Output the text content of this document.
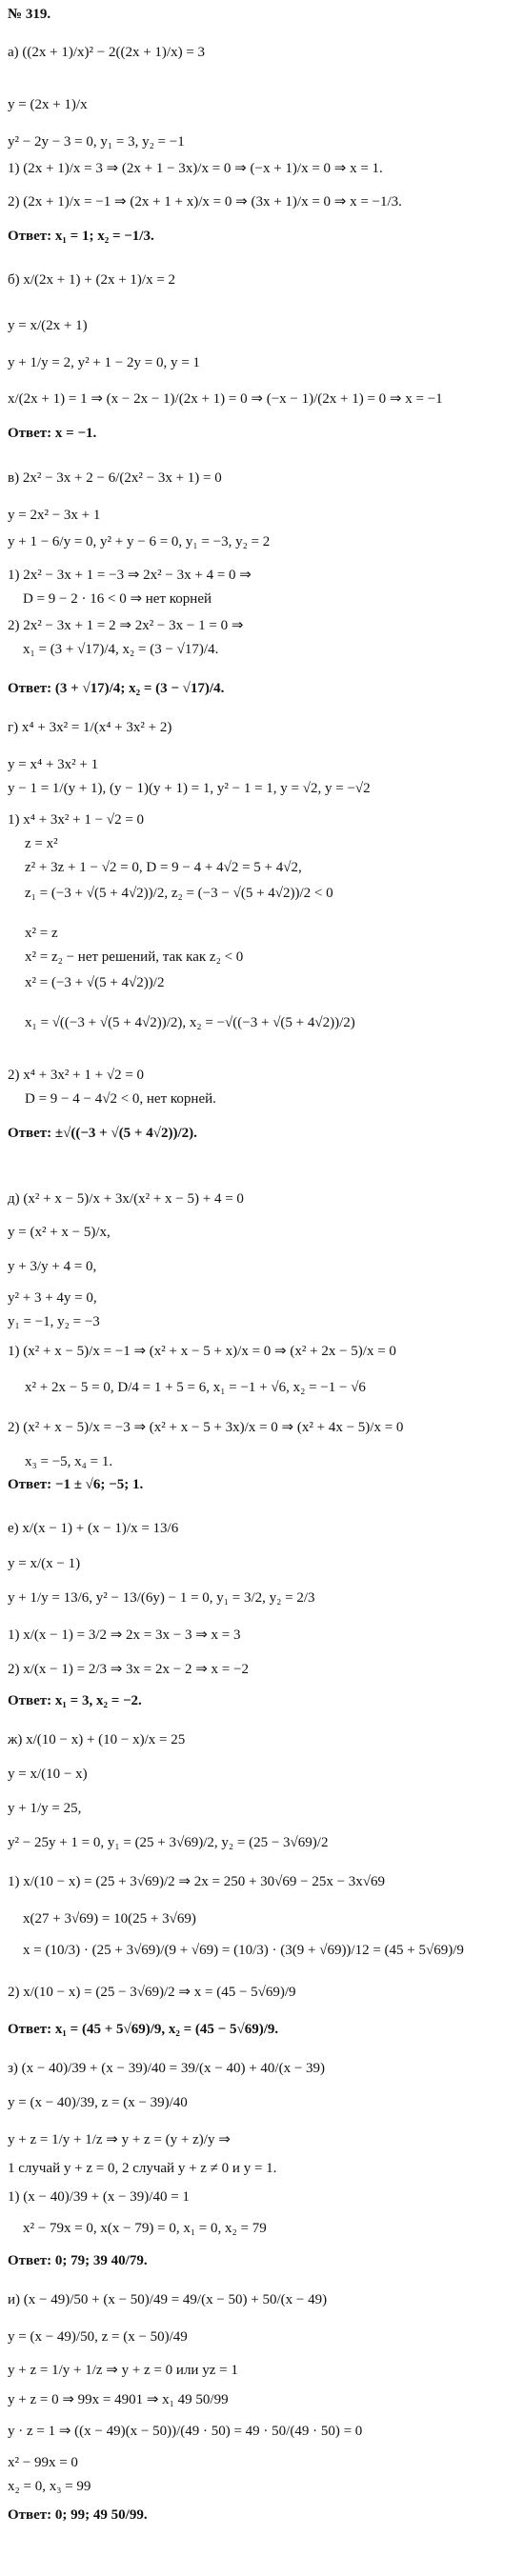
№ 319.
а) ((2x + 1)/x)² − 2((2x + 1)/x) = 3
y = (2x + 1)/x
y² − 2y − 3 = 0, y₁ = 3, y₂ = −1
1) (2x + 1)/x = 3 ⇒ (2x + 1 − 3x)/x = 0 ⇒ (−x + 1)/x = 0 ⇒ x = 1.
2) (2x + 1)/x = −1 ⇒ (2x + 1 + x)/x = 0 ⇒ (3x + 1)/x = 0 ⇒ x = −1/3.
Ответ: x₁ = 1; x₂ = −1/3.
б) x/(2x + 1) + (2x + 1)/x = 2
y = x/(2x + 1)
y + 1/y = 2, y² + 1 − 2y = 0, y = 1
x/(2x + 1) = 1 ⇒ (x − 2x − 1)/(2x + 1) = 0 ⇒ (−x − 1)/(2x + 1) = 0 ⇒ x = −1
Ответ: x = −1.
в) 2x² − 3x + 2 − 6/(2x² − 3x + 1) = 0
y = 2x² − 3x + 1
y + 1 − 6/y = 0, y² + y − 6 = 0, y₁ = −3, y₂ = 2
1) 2x² − 3x + 1 = −3 ⇒ 2x² − 3x + 4 = 0 ⇒
D = 9 − 2 · 16 < 0 ⇒ нет корней
2) 2x² − 3x + 1 = 2 ⇒ 2x² − 3x − 1 = 0 ⇒
x₁ = (3 + √17)/4, x₂ = (3 − √17)/4.
Ответ: (3 + √17)/4; x₂ = (3 − √17)/4.
г) x⁴ + 3x² = 1/(x⁴ + 3x² + 2)
y = x⁴ + 3x² + 1
y − 1 = 1/(y + 1), (y − 1)(y + 1) = 1, y² − 1 = 1, y = √2, y = −√2
1) x⁴ + 3x² + 1 − √2 = 0
z = x²
z² + 3z + 1 − √2 = 0, D = 9 − 4 + 4√2 = 5 + 4√2,
z₁ = (−3 + √(5 + 4√2))/2, z₂ = (−3 − √(5 + 4√2))/2 < 0
x² = z
x² = z₂ − нет решений, так как z₂ < 0
x² = (−3 + √(5 + 4√2))/2
x₁ = √((−3 + √(5 + 4√2))/2), x₂ = −√((−3 + √(5 + 4√2))/2)
2) x⁴ + 3x² + 1 + √2 = 0
D = 9 − 4 − 4√2 < 0, нет корней.
Ответ: ±√((−3 + √(5 + 4√2))/2).
д) (x² + x − 5)/x + 3x/(x² + x − 5) + 4 = 0
y = (x² + x − 5)/x,
y + 3/y + 4 = 0,
y² + 3 + 4y = 0,
y₁ = −1, y₂ = −3
1) (x² + x − 5)/x = −1 ⇒ (x² + x − 5 + x)/x = 0 ⇒ (x² + 2x − 5)/x = 0
x² + 2x − 5 = 0, D/4 = 1 + 5 = 6, x₁ = −1 + √6, x₂ = −1 − √6
2) (x² + x − 5)/x = −3 ⇒ (x² + x − 5 + 3x)/x = 0 ⇒ (x² + 4x − 5)/x = 0
x₃ = −5, x₄ = 1.
Ответ: −1 ± √6; −5; 1.
е) x/(x − 1) + (x − 1)/x = 13/6
y = x/(x − 1)
y + 1/y = 13/6, y² − 13/(6y) − 1 = 0, y₁ = 3/2, y₂ = 2/3
1) x/(x − 1) = 3/2 ⇒ 2x = 3x − 3 ⇒ x = 3
2) x/(x − 1) = 2/3 ⇒ 3x = 2x − 2 ⇒ x = −2
Ответ: x₁ = 3, x₂ = −2.
ж) x/(10 − x) + (10 − x)/x = 25
y = x/(10 − x)
y + 1/y = 25,
y² − 25y + 1 = 0, y₁ = (25 + 3√69)/2, y₂ = (25 − 3√69)/2
1) x/(10 − x) = (25 + 3√69)/2 ⇒ 2x = 250 + 30√69 − 25x − 3x√69
x(27 + 3√69) = 10(25 + 3√69)
x = (10/3) · (25 + 3√69)/(9 + √69) = (10/3) · (3(9 + √69))/12 = (45 + 5√69)/9
2) x/(10 − x) = (25 − 3√69)/2 ⇒ x = (45 − 5√69)/9
Ответ: x₁ = (45 + 5√69)/9, x₂ = (45 − 5√69)/9.
з) (x − 40)/39 + (x − 39)/40 = 39/(x − 40) + 40/(x − 39)
y = (x − 40)/39, z = (x − 39)/40
y + z = 1/y + 1/z ⇒ y + z = (y + z)/y ⇒
1 случай y + z = 0, 2 случай y + z ≠ 0 и y = 1.
1) (x − 40)/39 + (x − 39)/40 = 1
x² − 79x = 0, x(x − 79) = 0, x₁ = 0, x₂ = 79
Ответ: 0; 79; 39 40/79.
и) (x − 49)/50 + (x − 50)/49 = 49/(x − 50) + 50/(x − 49)
y = (x − 49)/50, z = (x − 50)/49
y + z = 1/y + 1/z ⇒ y + z = 0 или yz = 1
y + z = 0 ⇒ 99x = 4901 ⇒ x₁ 49 50/99
y · z = 1 ⇒ ((x − 49)(x − 50))/(49 · 50) = 49 · 50/(49 · 50) = 0
x² − 99x = 0
x₂ = 0, x₃ = 99
Ответ: 0; 99; 49 50/99.
